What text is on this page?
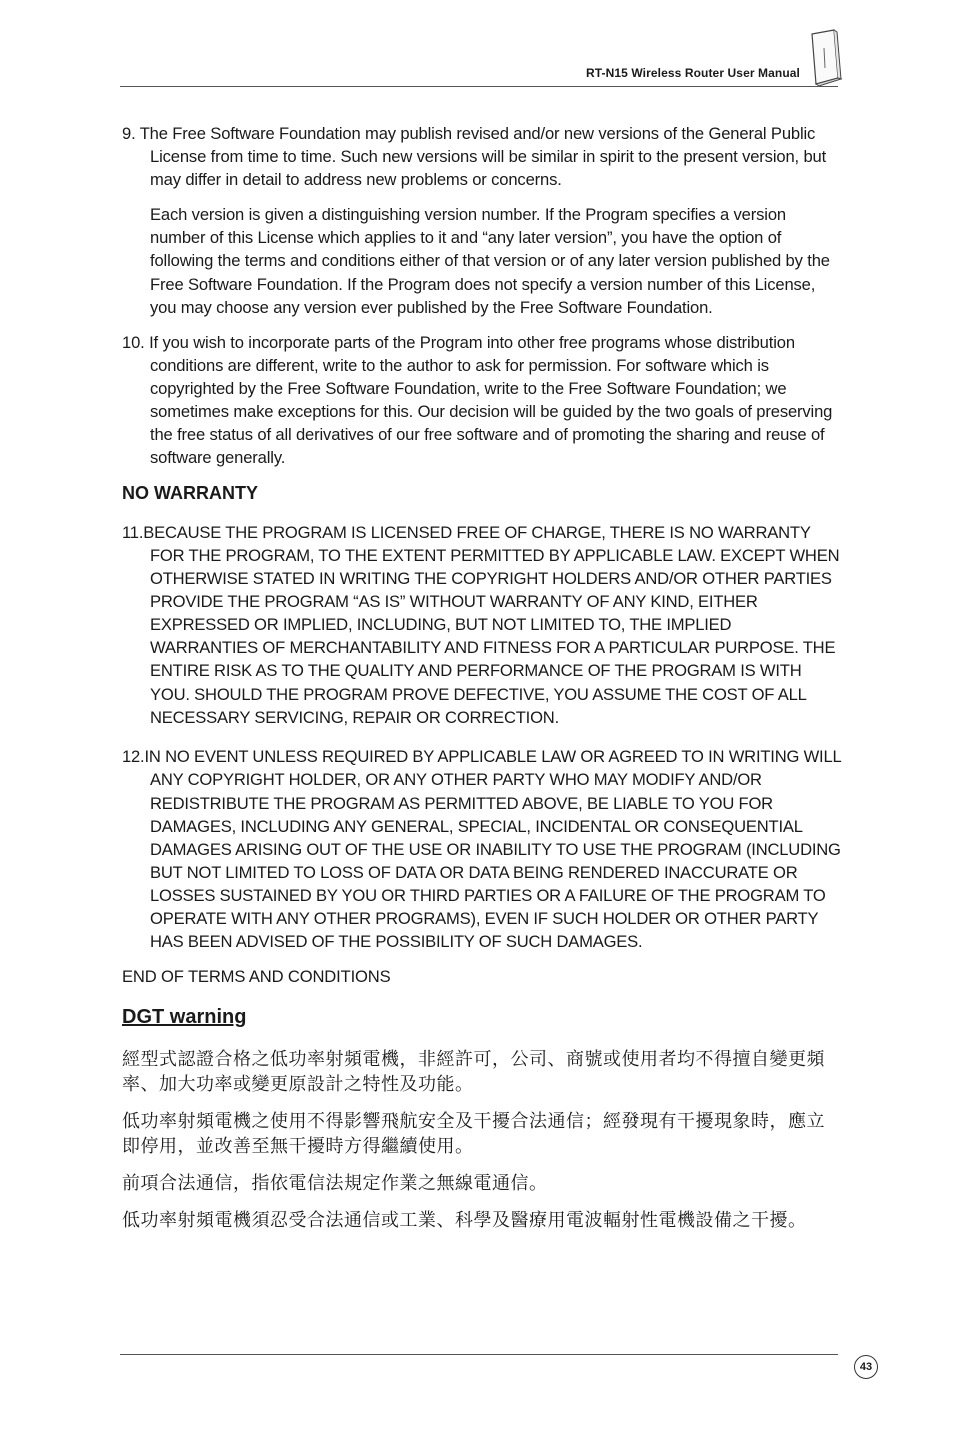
RT-N15 Wireless Router User Manual

9. The Free Software Foundation may publish revised and/or new versions of the General Public License from time to time. Such new versions will be similar in spirit to the present version, but may differ in detail to address new problems or concerns.

Each version is given a distinguishing version number. If the Program specifies a version number of this License which applies to it and “any later version”, you have the option of following the terms and conditions either of that version or of any later version published by the Free Software Foundation. If the Program does not specify a version number of this License, you may choose any version ever published by the Free Software Foundation.

10. If you wish to incorporate parts of the Program into other free programs whose distribution conditions are different, write to the author to ask for permission. For software which is copyrighted by the Free Software Foundation, write to the Free Software Foundation; we sometimes make exceptions for this. Our decision will be guided by the two goals of preserving the free status of all derivatives of our free software and of promoting the sharing and reuse of software generally.

NO WARRANTY

11.BECAUSE THE PROGRAM IS LICENSED FREE OF CHARGE, THERE IS NO WARRANTY FOR THE PROGRAM, TO THE EXTENT PERMITTED BY APPLICABLE LAW. EXCEPT WHEN OTHERWISE STATED IN WRITING THE COPYRIGHT HOLDERS AND/OR OTHER PARTIES PROVIDE THE PROGRAM “AS IS” WITHOUT WARRANTY OF ANY KIND, EITHER EXPRESSED OR IMPLIED, INCLUDING, BUT NOT LIMITED TO, THE IMPLIED WARRANTIES OF MERCHANTABILITY AND FITNESS FOR A PARTICULAR PURPOSE. THE ENTIRE RISK AS TO THE QUALITY AND PERFORMANCE OF THE PROGRAM IS WITH YOU. SHOULD THE PROGRAM PROVE DEFECTIVE, YOU ASSUME THE COST OF ALL NECESSARY SERVICING, REPAIR OR CORRECTION.

12.IN NO EVENT UNLESS REQUIRED BY APPLICABLE LAW OR AGREED TO IN WRITING WILL ANY COPYRIGHT HOLDER, OR ANY OTHER PARTY WHO MAY MODIFY AND/OR REDISTRIBUTE THE PROGRAM AS PERMITTED ABOVE, BE LIABLE TO YOU FOR DAMAGES, INCLUDING ANY GENERAL, SPECIAL, INCIDENTAL OR CONSEQUENTIAL DAMAGES ARISING OUT OF THE USE OR INABILITY TO USE THE PROGRAM (INCLUDING BUT NOT LIMITED TO LOSS OF DATA OR DATA BEING RENDERED INACCURATE OR LOSSES SUSTAINED BY YOU OR THIRD PARTIES OR A FAILURE OF THE PROGRAM TO OPERATE WITH ANY OTHER PROGRAMS), EVEN IF SUCH HOLDER OR OTHER PARTY HAS BEEN ADVISED OF THE POSSIBILITY OF SUCH DAMAGES.

END OF TERMS AND CONDITIONS

DGT warning

經型式認證合格之低功率射頻電機，非經許可，公司、商號或使用者均不得擅自變更頻率、加大功率或變更原設計之特性及功能。

低功率射頻電機之使用不得影響飛航安全及干擾合法通信；經發現有干擾現象時，應立即停用，並改善至無干擾時方得繼續使用。

前項合法通信，指依電信法規定作業之無線電通信。

低功率射頻電機須忍受合法通信或工業、科學及醫療用電波輻射性電機設備之干擾。

43
